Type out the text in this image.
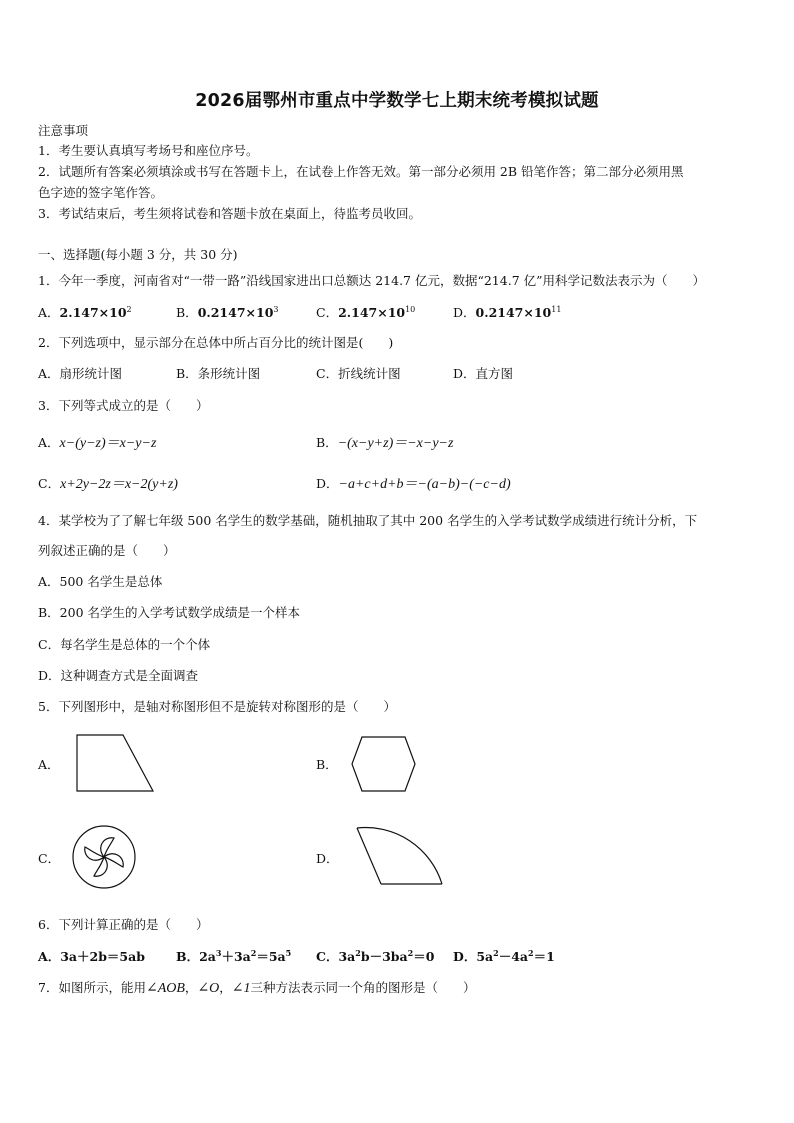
2026届鄂州市重点中学数学七上期末统考模拟试题
注意事项
1．考生要认真填写考场号和座位序号。
2．试题所有答案必须填涂或书写在答题卡上，在试卷上作答无效。第一部分必须用 2B 铅笔作答；第二部分必须用黑
色字迹的签字笔作答。
3．考试结束后，考生须将试卷和答题卡放在桌面上，待监考员收回。
一、选择题(每小题 3 分，共 30 分)
1．今年一季度，河南省对“一带一路”沿线国家进出口总额达 214.7 亿元，数据“214.7 亿”用科学记数法表示为（　　）
A．$2.147\times 10^2$	B．$0.2147\times 10^3$	C．$2.147\times 10^{10}$	D．$0.2147\times 10^{11}$
2．下列选项中，显示部分在总体中所占百分比的统计图是(　　)
A．扇形统计图	B．条形统计图	C．折线统计图	D．直方图
3．下列等式成立的是（　　）
A．x−(y−z)＝x−y−z	B．−(x−y+z)＝−x−y−z
C．x+2y−2z＝x−2(y+z)	D．−a+c+d+b＝−(a−b)−(−c−d)
4．某学校为了了解七年级 500 名学生的数学基础，随机抽取了其中 200 名学生的入学考试数学成绩进行统计分析，下
列叙述正确的是（　　）
A．500 名学生是总体
B．200 名学生的入学考试数学成绩是一个样本
C．每名学生是总体的一个个体
D．这种调查方式是全面调查
5．下列图形中，是轴对称图形但不是旋转对称图形的是（　　）
A．	B．
C．	D．
6．下列计算正确的是（　　）
A．3a＋2b＝5ab B．$2a^3+3a^2=5a^5$ C．$3a^2b-3ba^2=0$ D．$5a^2-4a^2=1$
7．如图所示，能用∠AOB，∠O，∠1三种方法表示同一个角的图形是（　　）
